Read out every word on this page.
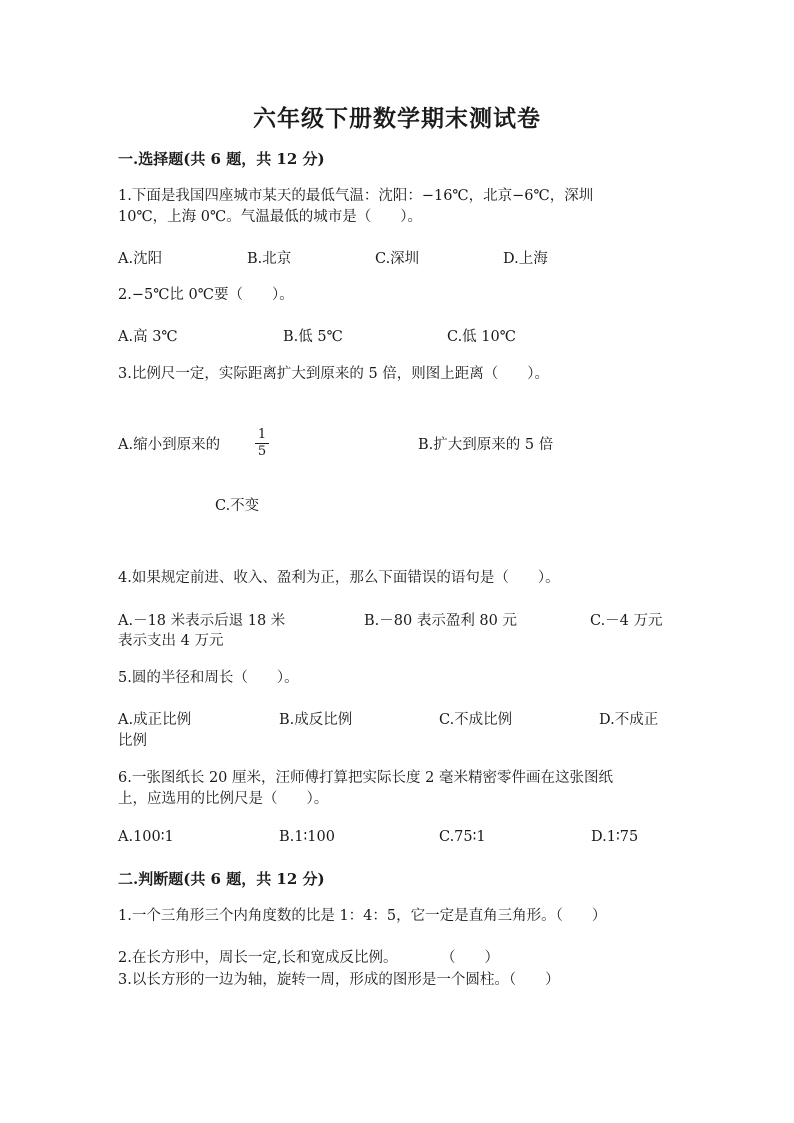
六年级下册数学期末测试卷
一.选择题(共 6 题，共 12 分)
1.下面是我国四座城市某天的最低气温：沈阳：−16℃，北京−6℃，深圳
10℃，上海 0℃。气温最低的城市是（　　）。
A.沈阳	B.北京	C.深圳	D.上海
2.−5℃比 0℃要（　　）。
A.高 3℃	B.低 5℃	C.低 10℃
3.比例尺一定，实际距离扩大到原来的 5 倍，则图上距离（　　）。
A.缩小到原来的
1
5	B.扩大到原来的 5 倍
C.不变
4.如果规定前进、收入、盈利为正，那么下面错误的语句是（　　）。
A.－18 米表示后退 18 米	B.－80 表示盈利 80 元	C.－4 万元
表示支出 4 万元
5.圆的半径和周长（　　）。
A.成正比例	B.成反比例	C.不成比例	D.不成正
比例
6.一张图纸长 20 厘米，汪师傅打算把实际长度 2 毫米精密零件画在这张图纸
上，应选用的比例尺是（　　）。
A.100∶1	B.1∶100	C.75∶1	D.1∶75
二.判断题(共 6 题，共 12 分)
1.一个三角形三个内角度数的比是 1：4：5，它一定是直角三角形。（　　）
2.在长方形中，周长一定,长和宽成反比例。　　　　（　　）
3.以长方形的一边为轴，旋转一周，形成的图形是一个圆柱。（　　）
